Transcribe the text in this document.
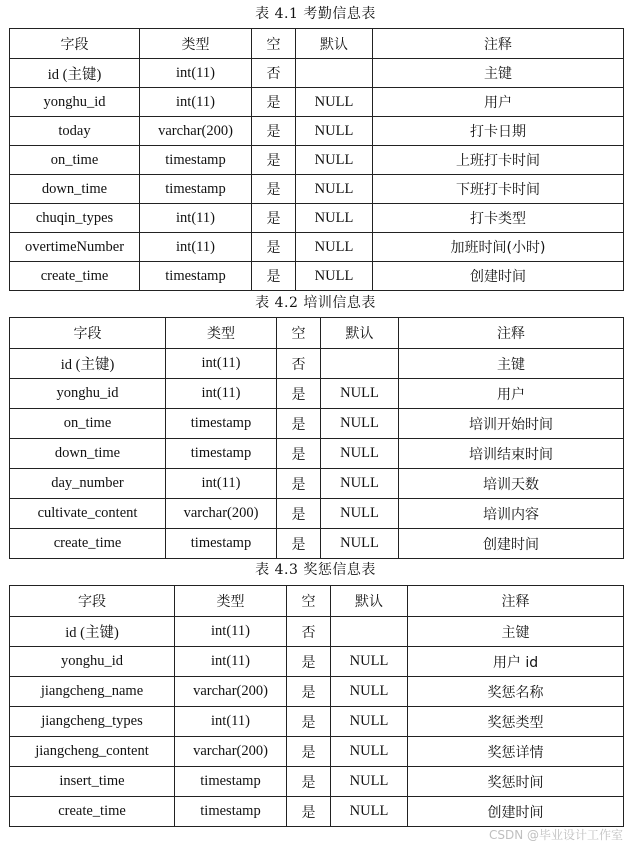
表 4.1 考勤信息表
字段	类型	空	默认	注释
id (主键)	int(11)	否		主键
yonghu_id	int(11)	是	NULL	用户
today	varchar(200)	是	NULL	打卡日期
on_time	timestamp	是	NULL	上班打卡时间
down_time	timestamp	是	NULL	下班打卡时间
chuqin_types	int(11)	是	NULL	打卡类型
overtimeNumber	int(11)	是	NULL	加班时间(小时)
create_time	timestamp	是	NULL	创建时间
表 4.2 培训信息表
字段	类型	空	默认	注释
id (主键)	int(11)	否		主键
yonghu_id	int(11)	是	NULL	用户
on_time	timestamp	是	NULL	培训开始时间
down_time	timestamp	是	NULL	培训结束时间
day_number	int(11)	是	NULL	培训天数
cultivate_content	varchar(200)	是	NULL	培训内容
create_time	timestamp	是	NULL	创建时间
表 4.3 奖惩信息表
字段	类型	空	默认	注释
id (主键)	int(11)	否		主键
yonghu_id	int(11)	是	NULL	用户 id
jiangcheng_name	varchar(200)	是	NULL	奖惩名称
jiangcheng_types	int(11)	是	NULL	奖惩类型
jiangcheng_content	varchar(200)	是	NULL	奖惩详情
insert_time	timestamp	是	NULL	奖惩时间
create_time	timestamp	是	NULL	创建时间
CSDN @毕业设计工作室
